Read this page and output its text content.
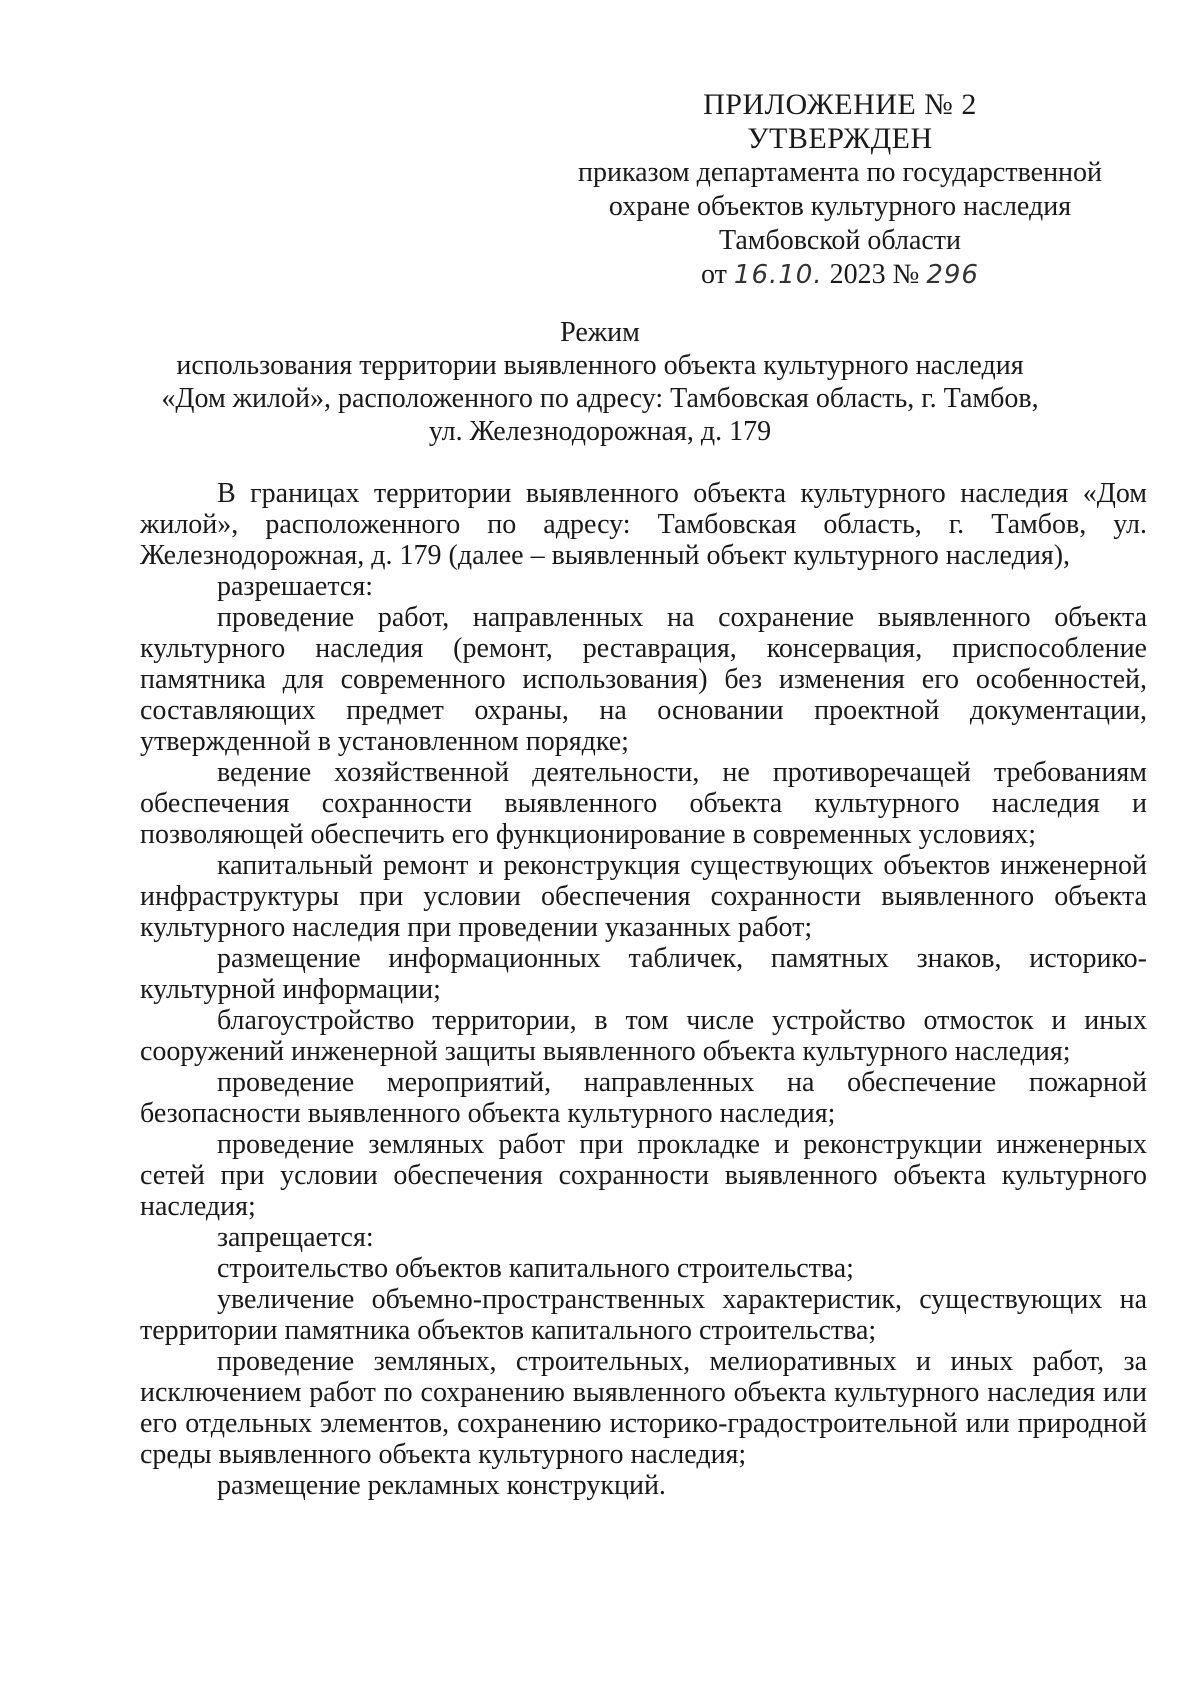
ПРИЛОЖЕНИЕ № 2
УТВЕРЖДЕН
приказом департамента по государственной
охране объектов культурного наследия
Тамбовской области
от 16.10. 2023 № 296
Режим
использования территории выявленного объекта культурного наследия
«Дом жилой», расположенного по адресу: Тамбовская область, г. Тамбов,
ул. Железнодорожная, д. 179

В границах территории выявленного объекта культурного наследия «Дом жилой», расположенного по адресу: Тамбовская область, г. Тамбов, ул. Железнодорожная, д. 179 (далее – выявленный объект культурного наследия),

разрешается:

проведение работ, направленных на сохранение выявленного объекта культурного наследия (ремонт, реставрация, консервация, приспособление памятника для современного использования) без изменения его особенностей, составляющих предмет охраны, на основании проектной документации, утвержденной в установленном порядке;

ведение хозяйственной деятельности, не противоречащей требованиям обеспечения сохранности выявленного объекта культурного наследия и позволяющей обеспечить его функционирование в современных условиях;

капитальный ремонт и реконструкция существующих объектов инженерной инфраструктуры при условии обеспечения сохранности выявленного объекта культурного наследия при проведении указанных работ;

размещение информационных табличек, памятных знаков, историко-культурной информации;

благоустройство территории, в том числе устройство отмосток и иных сооружений инженерной защиты выявленного объекта культурного наследия;

проведение мероприятий, направленных на обеспечение пожарной безопасности выявленного объекта культурного наследия;

проведение земляных работ при прокладке и реконструкции инженерных сетей при условии обеспечения сохранности выявленного объекта культурного наследия;

запрещается:

строительство объектов капитального строительства;

увеличение объемно-пространственных характеристик, существующих на территории памятника объектов капитального строительства;

проведение земляных, строительных, мелиоративных и иных работ, за исключением работ по сохранению выявленного объекта культурного наследия или его отдельных элементов, сохранению историко-градостроительной или природной среды выявленного объекта культурного наследия;

размещение рекламных конструкций.
